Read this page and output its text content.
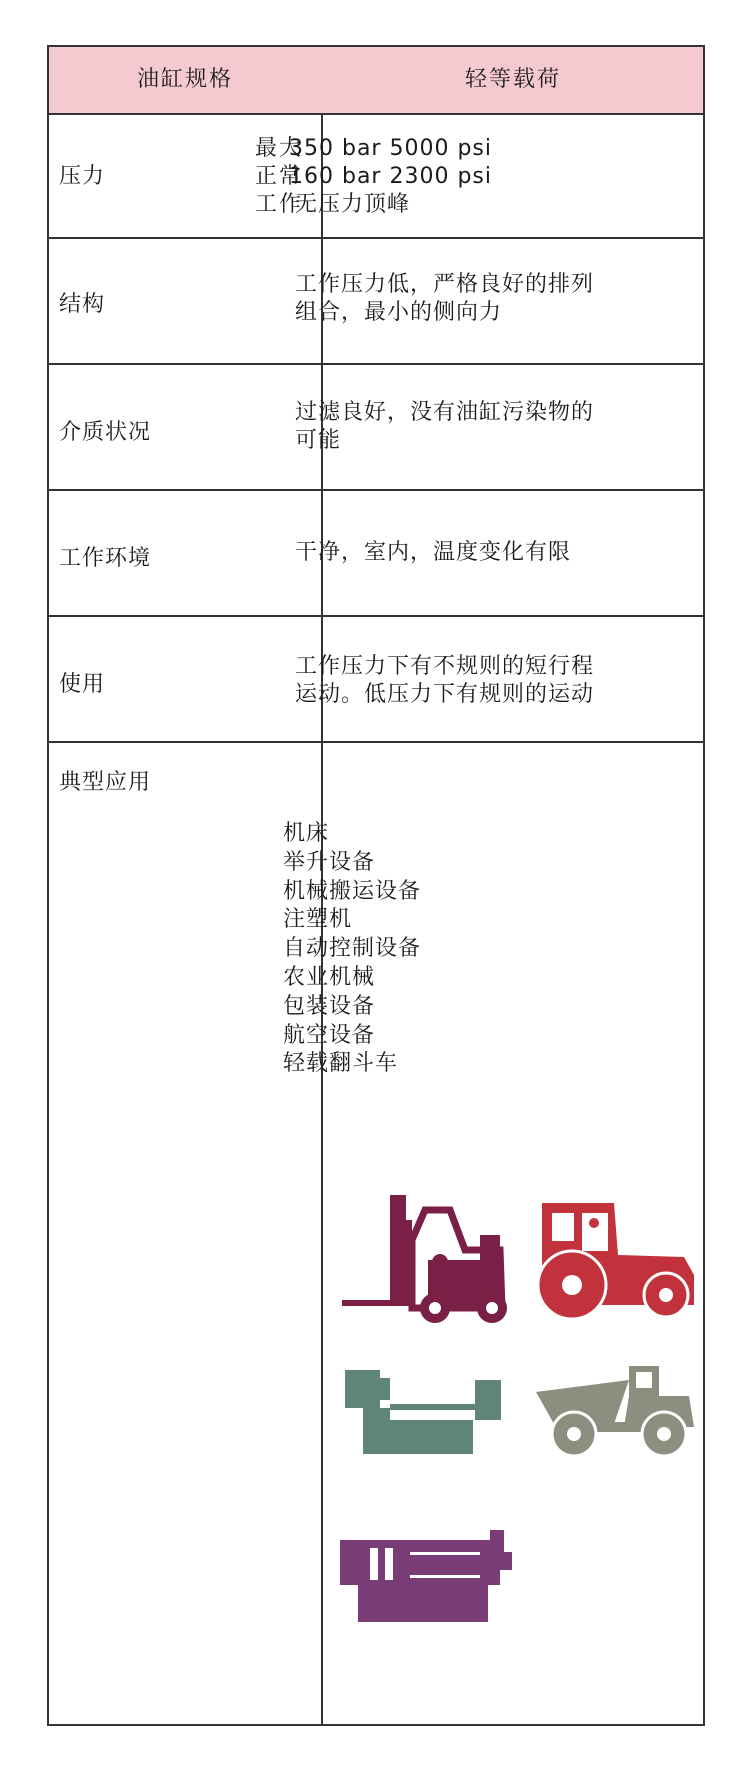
油缸规格	轻等载荷
压力
最大
正常
工作
350 bar 5000 psi
160 bar 2300 psi
无压力顶峰
结构
工作压力低，严格良好的排列
组合，最小的侧向力
介质状况
过滤良好，没有油缸污染物的
可能
工作环境	干净，室内，温度变化有限
使用
工作压力下有不规则的短行程
运动。低压力下有规则的运动
典型应用
机床
举升设备
机械搬运设备
注塑机
自动控制设备
农业机械
包装设备
航空设备
轻载翻斗车
